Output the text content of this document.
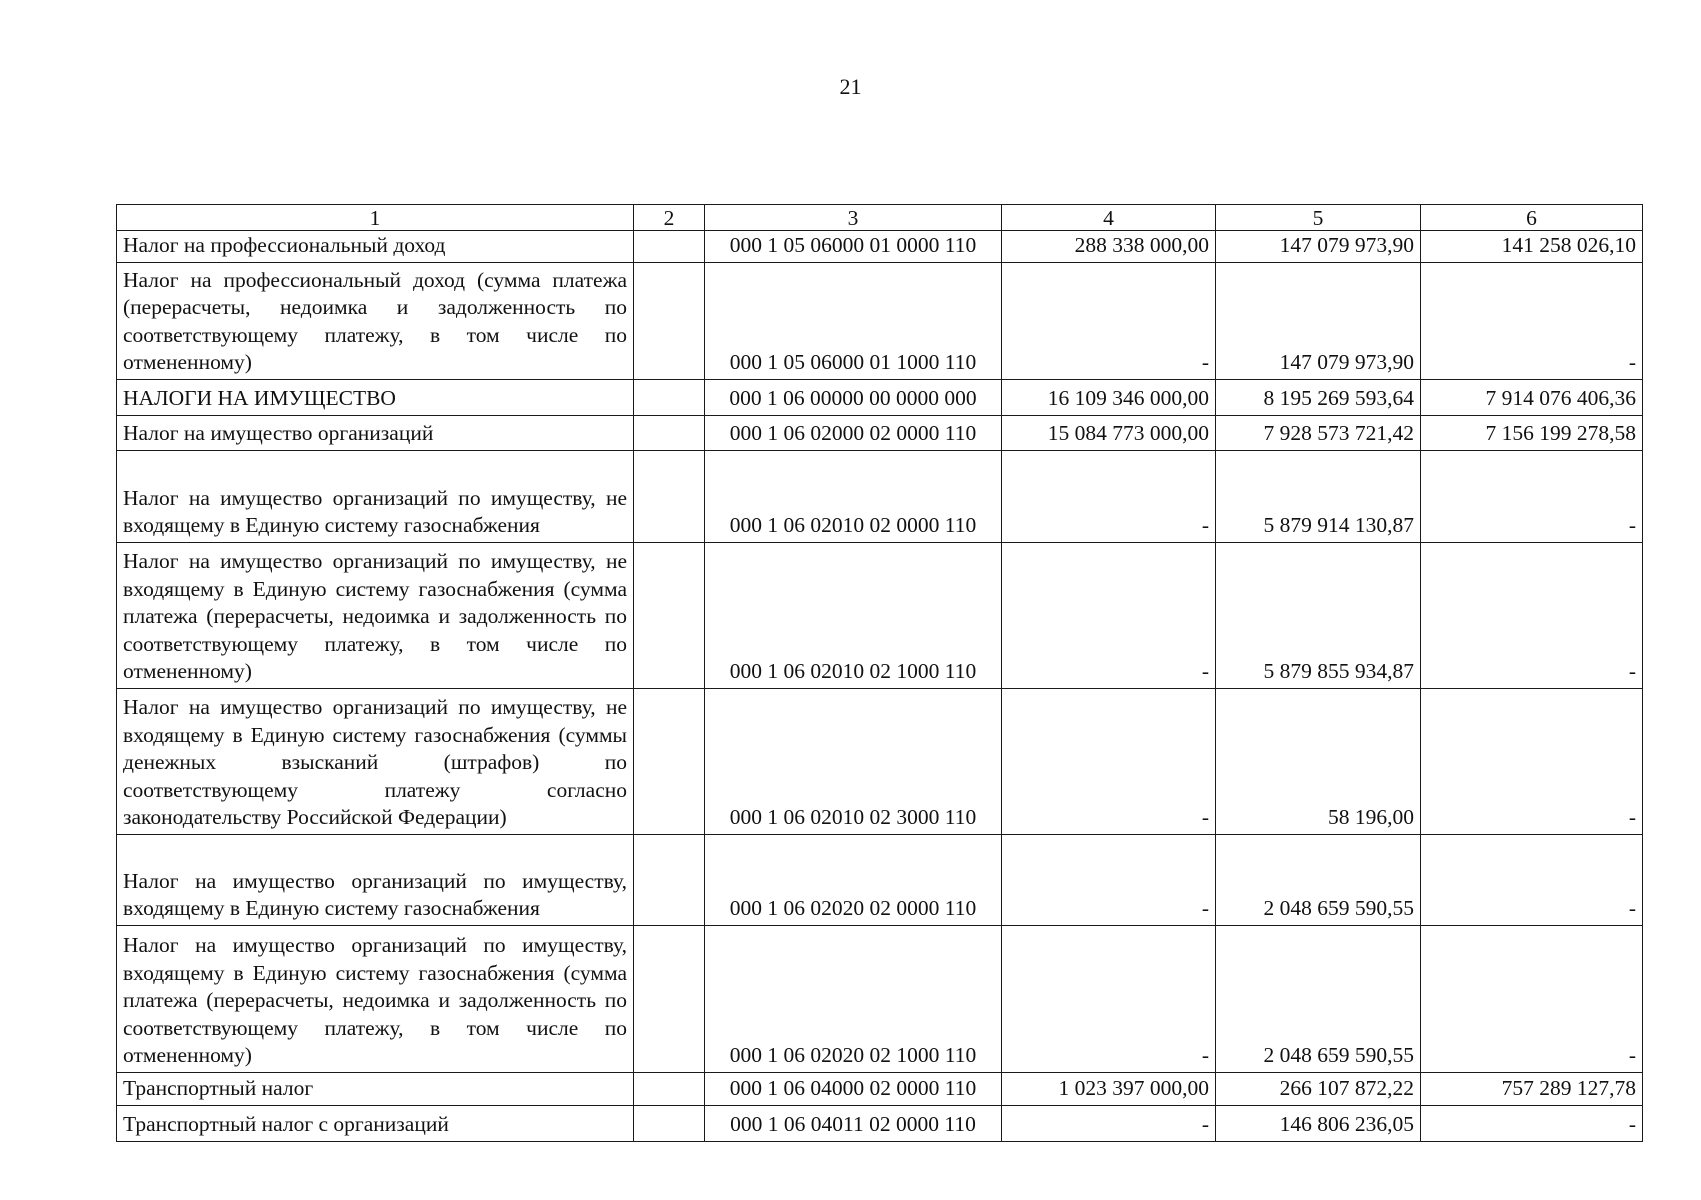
21
1	2	3	4	5	6
Налог на профессиональный доход		000 1 05 06000 01 0000 110	288 338 000,00	147 079 973,90	141 258 026,10
Налог на профессиональный доход (сумма платежа (перерасчеты, недоимка и задолженность по соответствующему платежу, в том числе по отмененному)		000 1 05 06000 01 1000 110	-	147 079 973,90	-
НАЛОГИ НА ИМУЩЕСТВО		000 1 06 00000 00 0000 000	16 109 346 000,00	8 195 269 593,64	7 914 076 406,36
Налог на имущество организаций		000 1 06 02000 02 0000 110	15 084 773 000,00	7 928 573 721,42	7 156 199 278,58
Налог на имущество организаций по имуществу, не входящему в Единую систему газоснабжения		000 1 06 02010 02 0000 110	-	5 879 914 130,87	-
Налог на имущество организаций по имуществу, не входящему в Единую систему газоснабжения (сумма платежа (перерасчеты, недоимка и задолженность по соответствующему платежу, в том числе по отмененному)		000 1 06 02010 02 1000 110	-	5 879 855 934,87	-
Налог на имущество организаций по имуществу, не входящему в Единую систему газоснабжения (суммы денежных взысканий (штрафов) по соответствующему платежу согласно законодательству Российской Федерации)		000 1 06 02010 02 3000 110	-	58 196,00	-
Налог на имущество организаций по имуществу, входящему в Единую систему газоснабжения		000 1 06 02020 02 0000 110	-	2 048 659 590,55	-
Налог на имущество организаций по имуществу, входящему в Единую систему газоснабжения (сумма платежа (перерасчеты, недоимка и задолженность по соответствующему платежу, в том числе по отмененному)		000 1 06 02020 02 1000 110	-	2 048 659 590,55	-
Транспортный налог		000 1 06 04000 02 0000 110	1 023 397 000,00	266 107 872,22	757 289 127,78
Транспортный налог с организаций		000 1 06 04011 02 0000 110	-	146 806 236,05	-
